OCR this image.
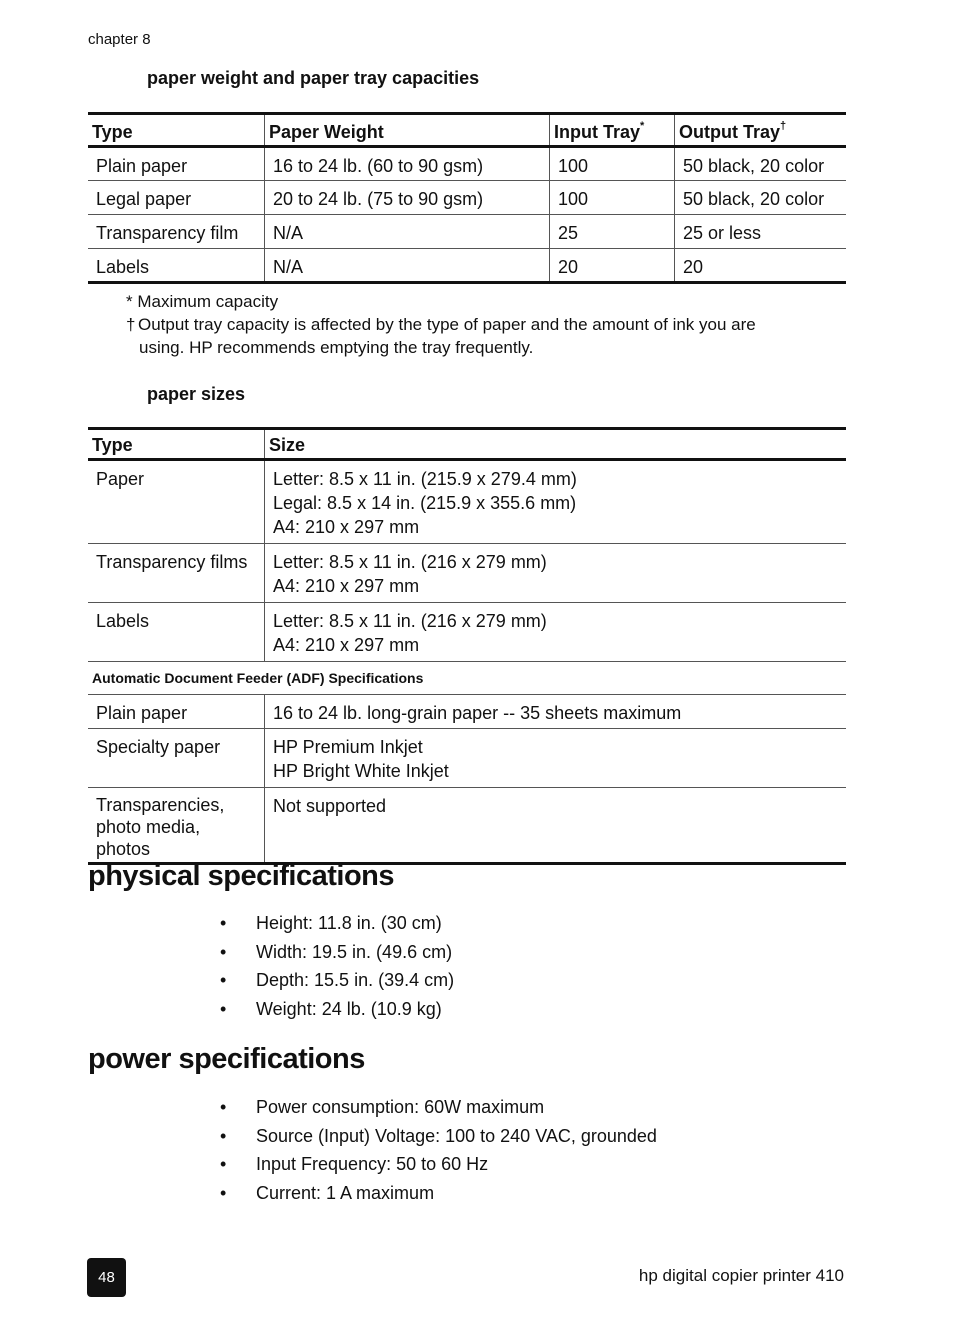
chapter 8
paper weight and paper tray capacities
Type	Paper Weight	Input Tray*	Output Tray†
Plain paper	16 to 24 lb. (60 to 90 gsm)	100	50 black, 20 color
Legal paper	20 to 24 lb. (75 to 90 gsm)	100	50 black, 20 color
Transparency film	N/A	25	25 or less
Labels	N/A	20	20
* Maximum capacity
† Output tray capacity is affected by the type of paper and the amount of ink you are
using. HP recommends emptying the tray frequently.
paper sizes
Type	Size
Paper	Letter: 8.5 x 11 in. (215.9 x 279.4 mm)
Legal: 8.5 x 14 in. (215.9 x 355.6 mm)
A4: 210 x 297 mm

Transparency films	Letter: 8.5 x 11 in. (216 x 279 mm)
A4: 210 x 297 mm

Labels	Letter: 8.5 x 11 in. (216 x 279 mm)
A4: 210 x 297 mm

Automatic Document Feeder (ADF) Specifications	
Plain paper	16 to 24 lb. long-grain paper -- 35 sheets maximum
Specialty paper	HP Premium Inkjet
HP Bright White Inkjet

Transparencies,
photo media, photos	Not supported
physical specifications
• Height: 11.8 in. (30 cm)
• Width: 19.5 in. (49.6 cm)
• Depth: 15.5 in. (39.4 cm)
• Weight: 24 lb. (10.9 kg)
power specifications
• Power consumption: 60W maximum
• Source (Input) Voltage: 100 to 240 VAC, grounded
• Input Frequency: 50 to 60 Hz
• Current: 1 A maximum
48	hp digital copier printer 410
